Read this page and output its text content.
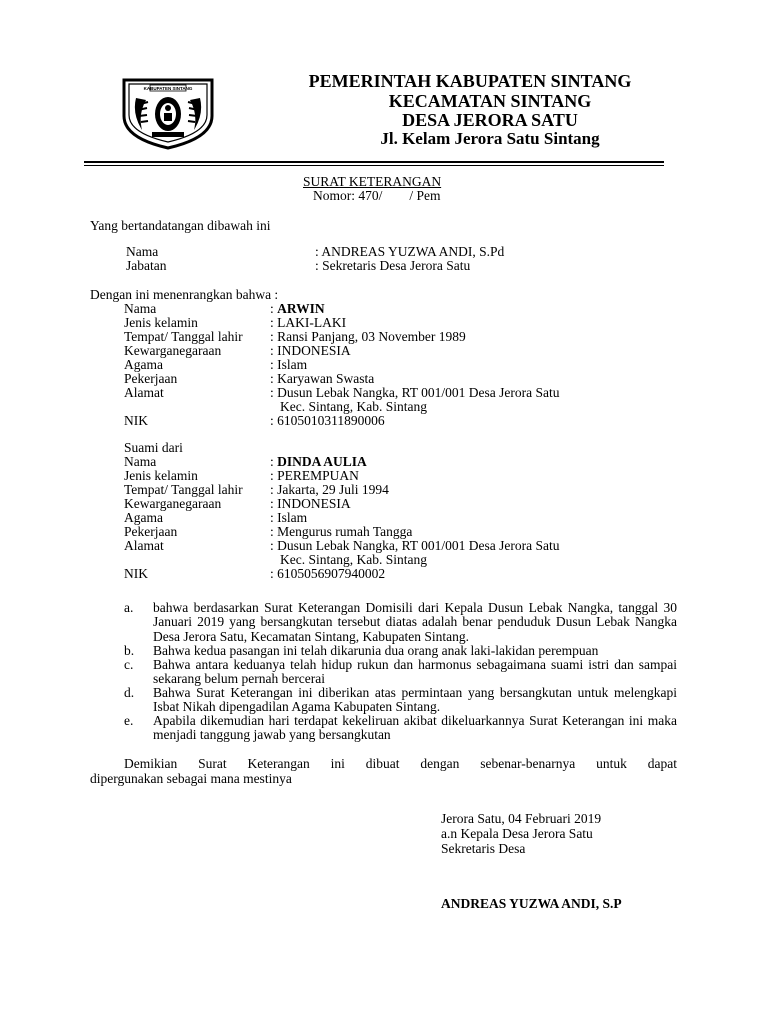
KABUPATEN SINTANG	PEMERINTAH KABUPATEN SINTANG
KECAMATAN SINTANG
DESA JERORA SATU
Jl. Kelam Jerora Satu Sintang
SURAT KETERANGAN
Nomor: 470/        / Pem
Yang bertandatangan dibawah ini
Nama	: ANDREAS YUZWA ANDI, S.Pd
Jabatan	: Sekretaris Desa Jerora Satu
Dengan ini menenrangkan bahwa :
Nama	: ARWIN
Jenis kelamin	: LAKI-LAKI
Tempat/ Tanggal lahir : Ransi Panjang, 03 November 1989
Kewarganegaraan	: INDONESIA
Agama	: Islam
Pekerjaan	: Karyawan Swasta
Alamat	: Dusun Lebak Nangka, RT 001/001 Desa Jerora Satu
Kec. Sintang, Kab. Sintang
NIK	: 6105010311890006
Suami dari
Nama	: DINDA AULIA
Jenis kelamin	: PEREMPUAN
Tempat/ Tanggal lahir : Jakarta, 29 Juli 1994
Kewarganegaraan	: INDONESIA
Agama	: Islam
Pekerjaan	: Mengurus rumah Tangga
Alamat	: Dusun Lebak Nangka, RT 001/001 Desa Jerora Satu
Kec. Sintang, Kab. Sintang
NIK	: 6105056907940002
a. bahwa berdasarkan Surat Keterangan Domisili dari Kepala Dusun Lebak Nangka, tanggal 30 Januari 2019 yang bersangkutan tersebut diatas adalah benar penduduk Dusun Lebak Nangka Desa Jerora Satu, Kecamatan Sintang, Kabupaten Sintang.
b. Bahwa kedua pasangan ini telah dikarunia dua orang anak laki-lakidan perempuan
c. Bahwa antara keduanya telah hidup rukun dan harmonus sebagaimana suami istri dan sampai sekarang belum pernah bercerai
d. Bahwa Surat Keterangan ini diberikan atas permintaan yang bersangkutan untuk melengkapi Isbat Nikah dipengadilan Agama Kabupaten Sintang.
e. Apabila dikemudian hari terdapat kekeliruan akibat dikeluarkannya Surat Keterangan ini maka menjadi tanggung jawab yang bersangkutan
Demikian Surat Keterangan ini dibuat dengan sebenar-benarnya untuk dapat
dipergunakan sebagai mana mestinya
Jerora Satu, 04 Februari 2019
a.n Kepala Desa Jerora Satu
Sekretaris Desa
ANDREAS YUZWA ANDI, S.P
